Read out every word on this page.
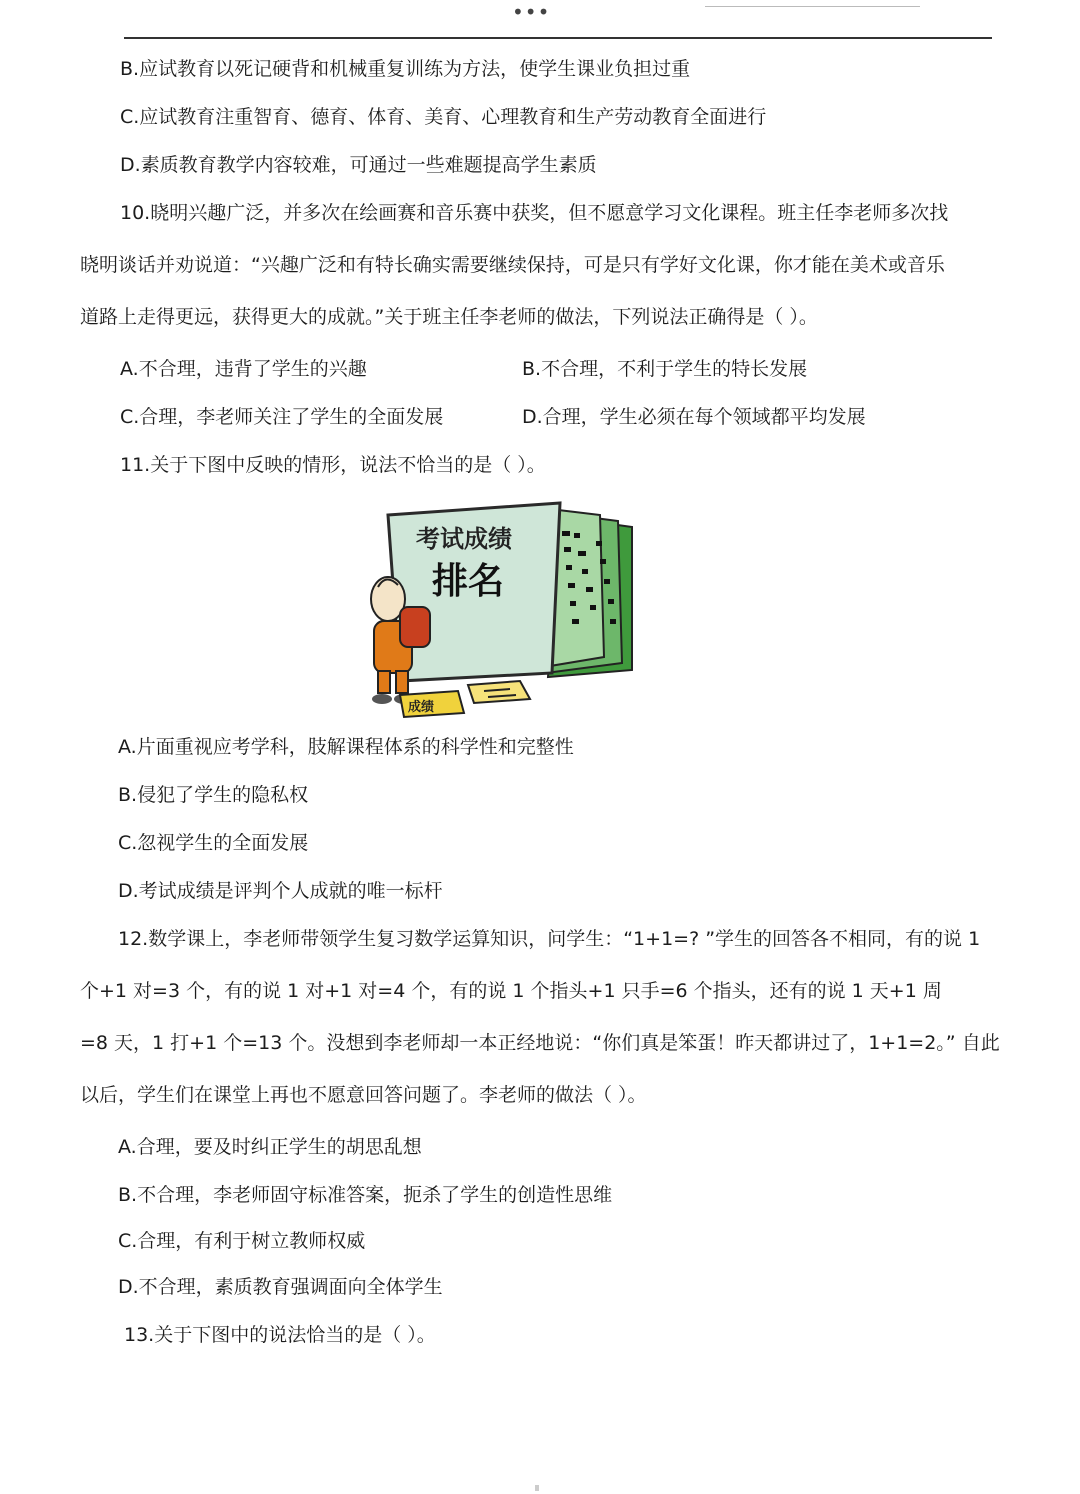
•••
B.应试教育以死记硬背和机械重复训练为方法，使学生课业负担过重
C.应试教育注重智育、德育、体育、美育、心理教育和生产劳动教育全面进行
D.素质教育教学内容较难，可通过一些难题提高学生素质
10.晓明兴趣广泛，并多次在绘画赛和音乐赛中获奖，但不愿意学习文化课程。班主任李老师多次找
晓明谈话并劝说道：“兴趣广泛和有特长确实需要继续保持，可是只有学好文化课，你才能在美术或音乐
道路上走得更远，获得更大的成就。”关于班主任李老师的做法，下列说法正确得是（ ）。
A.不合理，违背了学生的兴趣	B.不合理，不利于学生的特长发展
C.合理，李老师关注了学生的全面发展	D.合理，学生必须在每个领域都平均发展
11.关于下图中反映的情形，说法不恰当的是（ ）。
考试成绩
排名
成绩
A.片面重视应考学科，肢解课程体系的科学性和完整性
B.侵犯了学生的隐私权
C.忽视学生的全面发展
D.考试成绩是评判个人成就的唯一标杆
12.数学课上，李老师带领学生复习数学运算知识，问学生：“1+1=? ”学生的回答各不相同，有的说 1
个+1 对=3 个，有的说 1 对+1 对=4 个，有的说 1 个指头+1 只手=6 个指头，还有的说 1 天+1 周
=8 天，1 打+1 个=13 个。没想到李老师却一本正经地说：“你们真是笨蛋！昨天都讲过了，1+1=2。” 自此
以后，学生们在课堂上再也不愿意回答问题了。李老师的做法（ ）。
A.合理，要及时纠正学生的胡思乱想
B.不合理，李老师固守标准答案，扼杀了学生的创造性思维
C.合理，有利于树立教师权威
D.不合理，素质教育强调面向全体学生
13.关于下图中的说法恰当的是（ ）。
